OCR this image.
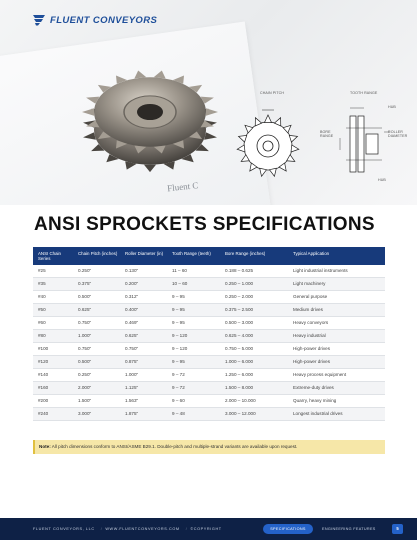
Fluent C
FLUENT CONVEYORS
CHAIN PITCH	TOOTH RANGE
HUB
BORE RANGE
ROLLER DIAMETER
HUB
ANSI SPROCKETS SPECIFICATIONS
ANSI Chain Series	Chain Pitch (inches)	Roller Diameter (in)	Tooth Range (teeth)	Bore Range (inches)	Typical Application
#25	0.250"	0.130"	11 – 60	0.188 – 0.625	Light industrial instruments
#35	0.375"	0.200"	10 – 60	0.250 – 1.000	Light machinery
#40	0.500"	0.312"	9 – 95	0.250 – 2.000	General purpose
#50	0.625"	0.400"	9 – 95	0.375 – 2.500	Medium drives
#60	0.750"	0.469"	9 – 95	0.500 – 3.000	Heavy conveyors
#80	1.000"	0.625"	9 – 120	0.625 – 4.000	Heavy industrial
#100	0.750"	0.750"	9 – 120	0.750 – 5.000	High-power drives
#120	0.500"	0.875"	9 – 95	1.000 – 6.000	High-power drives
#140	0.250"	1.000"	9 – 72	1.250 – 6.000	Heavy process equipment
#160	2.000"	1.125"	9 – 72	1.500 – 8.000	Extreme-duty drives
#200	1.500"	1.563"	9 – 60	2.000 – 10.000	Quarry, heavy mining
#240	3.000"	1.875"	9 – 48	3.000 – 12.000	Longest industrial drives
Note: All pitch dimensions conform to ANSI/ASME B29.1. Double-pitch and multiple-strand variants are available upon request.
FLUENT CONVEYORS, LLC / WWW.FLUENTCONVEYORS.COM / ©COPYRIGHT	SPECIFICATIONS	ENGINEERING FEATURES	5
